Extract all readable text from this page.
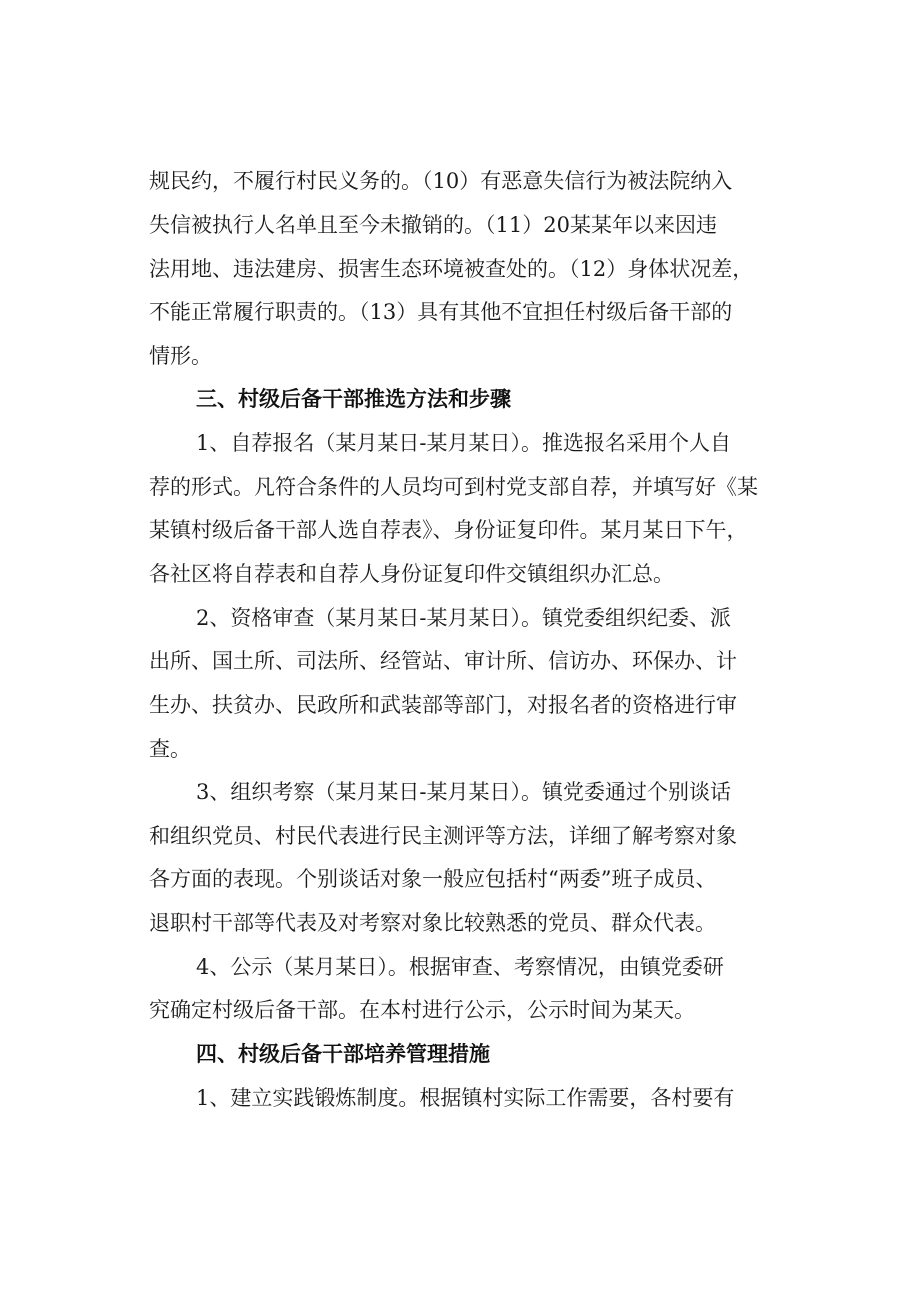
规民约，不履行村民义务的。（10）有恶意失信行为被法院纳入

失信被执行人名单且至今未撤销的。（11）20某某年以来因违

法用地、违法建房、损害生态环境被查处的。（12）身体状况差，

不能正常履行职责的。（13）具有其他不宜担任村级后备干部的

情形。

三、村级后备干部推选方法和步骤

1、自荐报名（某月某日-某月某日）。推选报名采用个人自

荐的形式。凡符合条件的人员均可到村党支部自荐，并填写好《某

某镇村级后备干部人选自荐表》、身份证复印件。某月某日下午，

各社区将自荐表和自荐人身份证复印件交镇组织办汇总。

2、资格审查（某月某日-某月某日）。镇党委组织纪委、派

出所、国土所、司法所、经管站、审计所、信访办、环保办、计

生办、扶贫办、民政所和武装部等部门，对报名者的资格进行审

查。

3、组织考察（某月某日-某月某日）。镇党委通过个别谈话

和组织党员、村民代表进行民主测评等方法，详细了解考察对象

各方面的表现。个别谈话对象一般应包括村“两委”班子成员、

退职村干部等代表及对考察对象比较熟悉的党员、群众代表。

4、公示（某月某日）。根据审查、考察情况，由镇党委研

究确定村级后备干部。在本村进行公示，公示时间为某天。

四、村级后备干部培养管理措施

1、建立实践锻炼制度。根据镇村实际工作需要，各村要有
